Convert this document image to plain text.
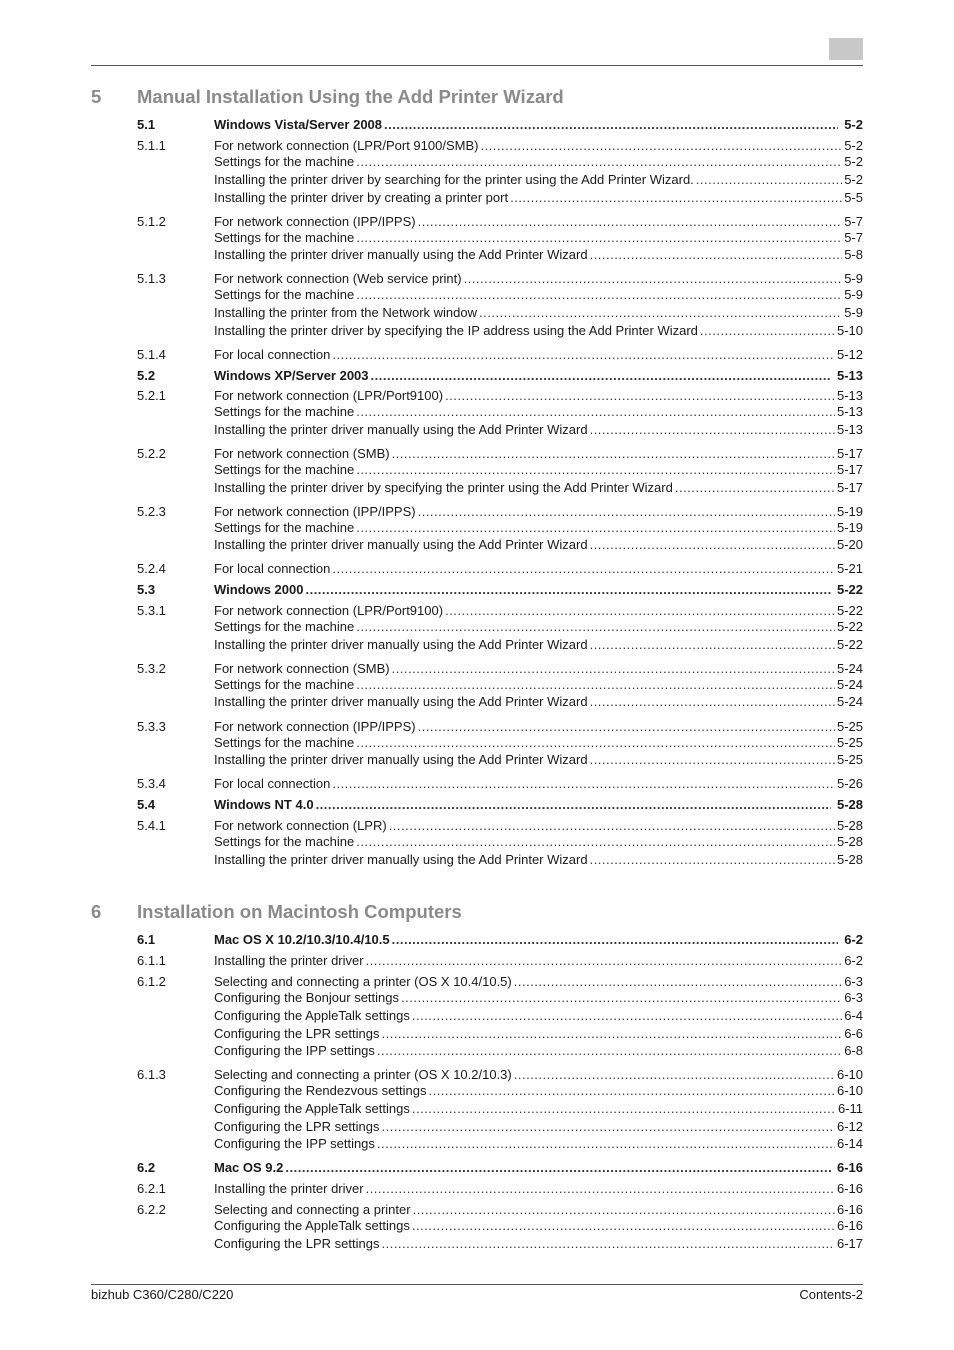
5 Manual Installation Using the Add Printer Wizard
5.1	Windows Vista/Server 2008 .....	5-2
5.1.1	For network connection (LPR/Port 9100/SMB) .....	5-2
Settings for the machine .....	5-2
Installing the printer driver by searching for the printer using the Add Printer Wizard. .....	5-2
Installing the printer driver by creating a printer port .....	5-5
5.1.2	For network connection (IPP/IPPS) .....	5-7
Settings for the machine .....	5-7
Installing the printer driver manually using the Add Printer Wizard .....	5-8
5.1.3	For network connection (Web service print) .....	5-9
Settings for the machine .....	5-9
Installing the printer from the Network window .....	5-9
Installing the printer driver by specifying the IP address using the Add Printer Wizard .....	5-10
5.1.4	For local connection .....	5-12
5.2	Windows XP/Server 2003 .....	5-13
5.2.1	For network connection (LPR/Port9100) .....	5-13
Settings for the machine .....	5-13
Installing the printer driver manually using the Add Printer Wizard .....	5-13
5.2.2	For network connection (SMB) .....	5-17
Settings for the machine .....	5-17
Installing the printer driver by specifying the printer using the Add Printer Wizard .....	5-17
5.2.3	For network connection (IPP/IPPS) .....	5-19
Settings for the machine .....	5-19
Installing the printer driver manually using the Add Printer Wizard .....	5-20
5.2.4	For local connection .....	5-21
5.3	Windows 2000 .....	5-22
5.3.1	For network connection (LPR/Port9100) .....	5-22
Settings for the machine .....	5-22
Installing the printer driver manually using the Add Printer Wizard .....	5-22
5.3.2	For network connection (SMB) .....	5-24
Settings for the machine .....	5-24
Installing the printer driver manually using the Add Printer Wizard .....	5-24
5.3.3	For network connection (IPP/IPPS) .....	5-25
Settings for the machine .....	5-25
Installing the printer driver manually using the Add Printer Wizard .....	5-25
5.3.4	For local connection .....	5-26
5.4	Windows NT 4.0 .....	5-28
5.4.1	For network connection (LPR) .....	5-28
Settings for the machine .....	5-28
Installing the printer driver manually using the Add Printer Wizard .....	5-28
6 Installation on Macintosh Computers
6.1	Mac OS X 10.2/10.3/10.4/10.5 .....	6-2
6.1.1	Installing the printer driver .....	6-2
6.1.2	Selecting and connecting a printer (OS X 10.4/10.5) .....	6-3
Configuring the Bonjour settings .....	6-3
Configuring the AppleTalk settings .....	6-4
Configuring the LPR settings .....	6-6
Configuring the IPP settings .....	6-8
6.1.3	Selecting and connecting a printer (OS X 10.2/10.3) .....	6-10
Configuring the Rendezvous settings .....	6-10
Configuring the AppleTalk settings .....	6-11
Configuring the LPR settings .....	6-12
Configuring the IPP settings .....	6-14
6.2	Mac OS 9.2 .....	6-16
6.2.1	Installing the printer driver .....	6-16
6.2.2	Selecting and connecting a printer .....	6-16
Configuring the AppleTalk settings .....	6-16
Configuring the LPR settings .....	6-17
bizhub C360/C280/C220	Contents-2
